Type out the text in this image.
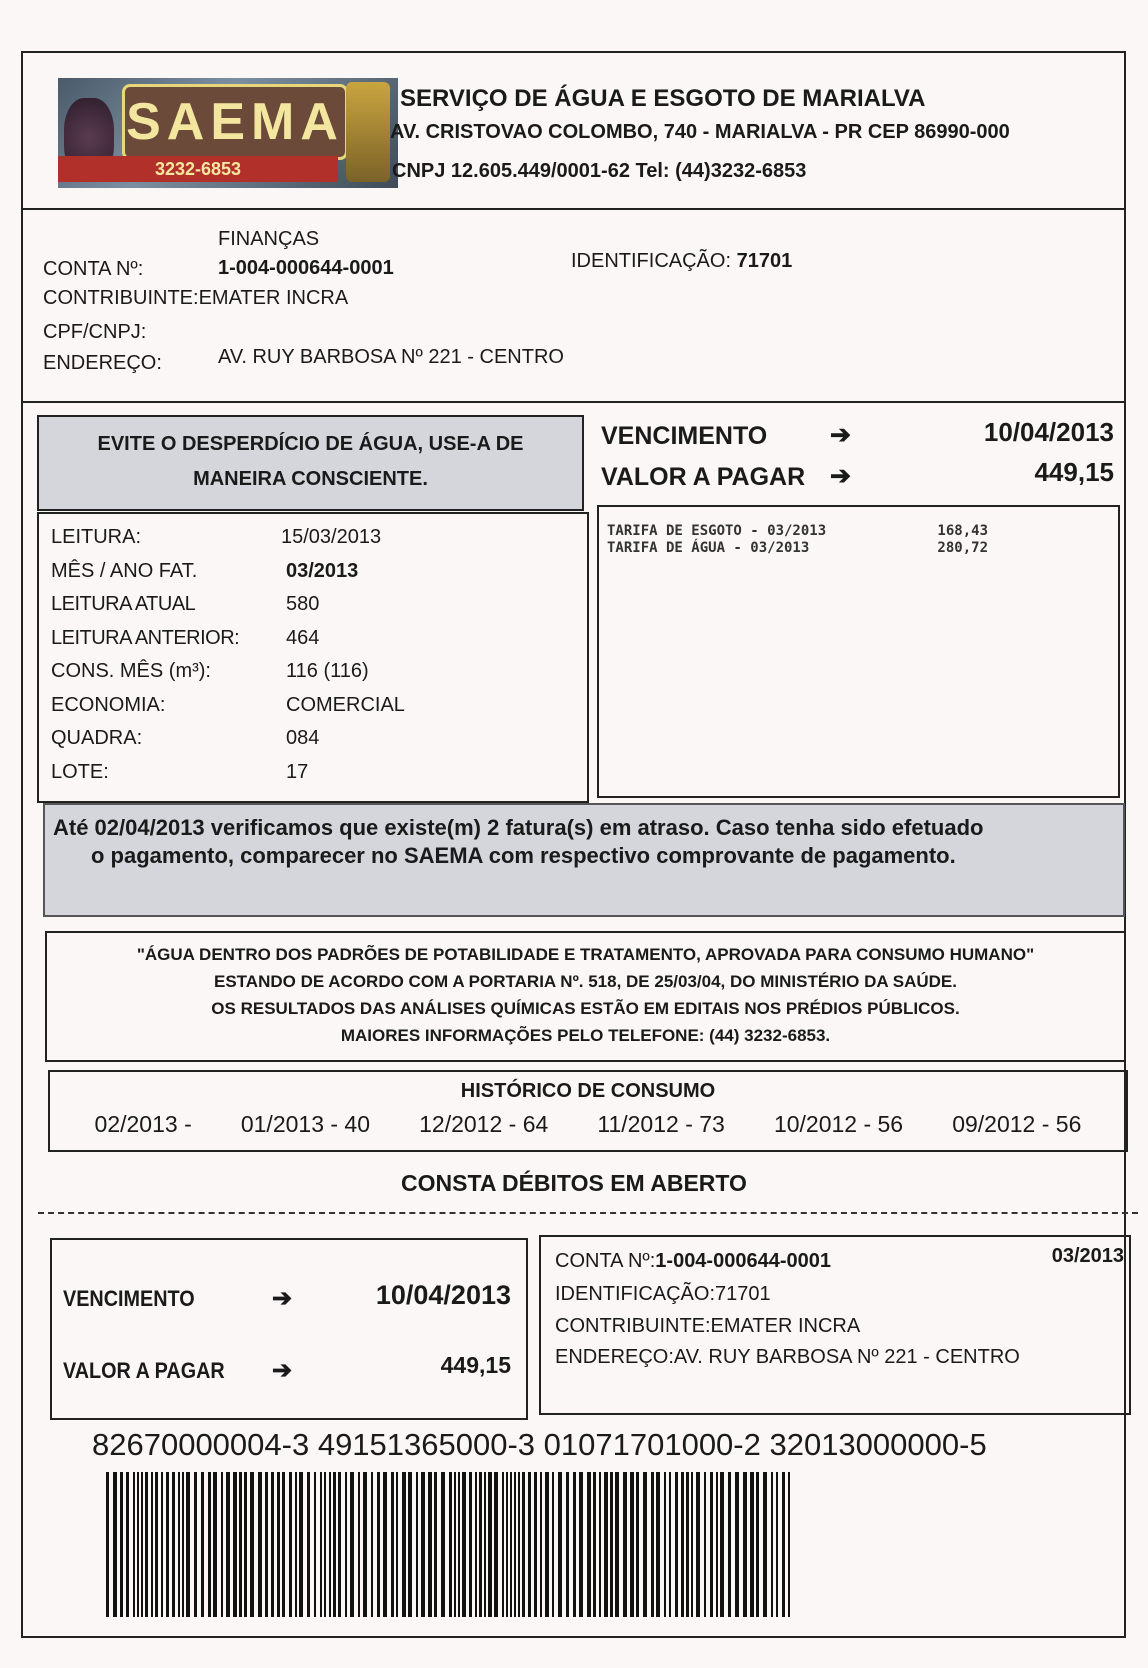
SAEMA
3232-6853
SERVIÇO DE ÁGUA E ESGOTO DE MARIALVA
AV. CRISTOVAO COLOMBO, 740 - MARIALVA - PR CEP 86990-000
CNPJ 12.605.449/0001-62 Tel: (44)3232-6853
FINANÇAS
CONTA Nº:	1-004-000644-0001	IDENTIFICAÇÃO: 71701
CONTRIBUINTE:EMATER INCRA
CPF/CNPJ:
ENDEREÇO:	AV. RUY BARBOSA Nº 221 - CENTRO
EVITE O DESPERDÍCIO DE ÁGUA, USE-A DE
MANEIRA CONSCIENTE.
VENCIMENTO	➔	10/04/2013
VALOR A PAGAR ➔	449,15
LEITURA:	15/03/2013
MÊS / ANO FAT.	03/2013
LEITURA ATUAL	580
LEITURA ANTERIOR: 464
CONS. MÊS (m³):	116 (116)
ECONOMIA:	COMERCIAL
QUADRA:	084
LOTE:	17
TARIFA DE ESGOTO - 03/2013	168,43
TARIFA DE ÁGUA - 03/2013	280,72
Até 02/04/2013 verificamos que existe(m) 2 fatura(s) em atraso. Caso tenha sido efetuado
o pagamento, comparecer no SAEMA com respectivo comprovante de pagamento.
"ÁGUA DENTRO DOS PADRÕES DE POTABILIDADE E TRATAMENTO, APROVADA PARA CONSUMO HUMANO"
ESTANDO DE ACORDO COM A PORTARIA Nº. 518, DE 25/03/04, DO MINISTÉRIO DA SAÚDE.
OS RESULTADOS DAS ANÁLISES QUÍMICAS ESTÃO EM EDITAIS NOS PRÉDIOS PÚBLICOS.
MAIORES INFORMAÇÕES PELO TELEFONE: (44) 3232-6853.
HISTÓRICO DE CONSUMO
02/2013 - 01/2013 - 40 12/2012 - 64 11/2012 - 73 10/2012 - 56 09/2012 - 56
CONSTA DÉBITOS EM ABERTO
VENCIMENTO	➔	10/04/2013
VALOR A PAGAR ➔	449,15
CONTA Nº:1-004-000644-0001	03/2013
IDENTIFICAÇÃO:71701
CONTRIBUINTE:EMATER INCRA
ENDEREÇO:AV. RUY BARBOSA Nº 221 - CENTRO
82670000004-3 49151365000-3 01071701000-2 32013000000-5
